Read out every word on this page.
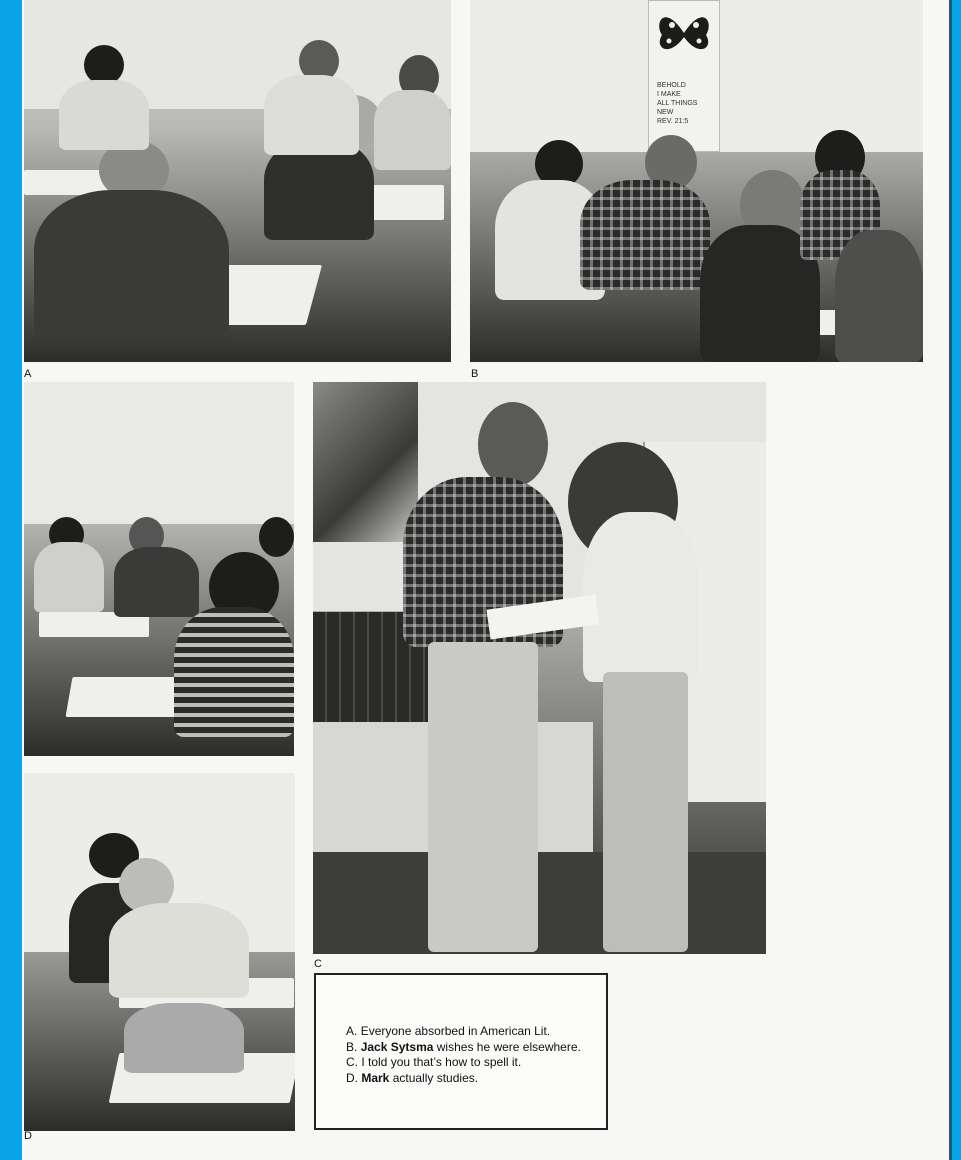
A
BEHOLD
I MAKE
ALL THINGS
NEW
REV. 21:5
B
D
C
A. Everyone absorbed in American Lit.
B. Jack Sytsma wishes he were elsewhere.
C. I told you that’s how to spell it.
D. Mark actually studies.
